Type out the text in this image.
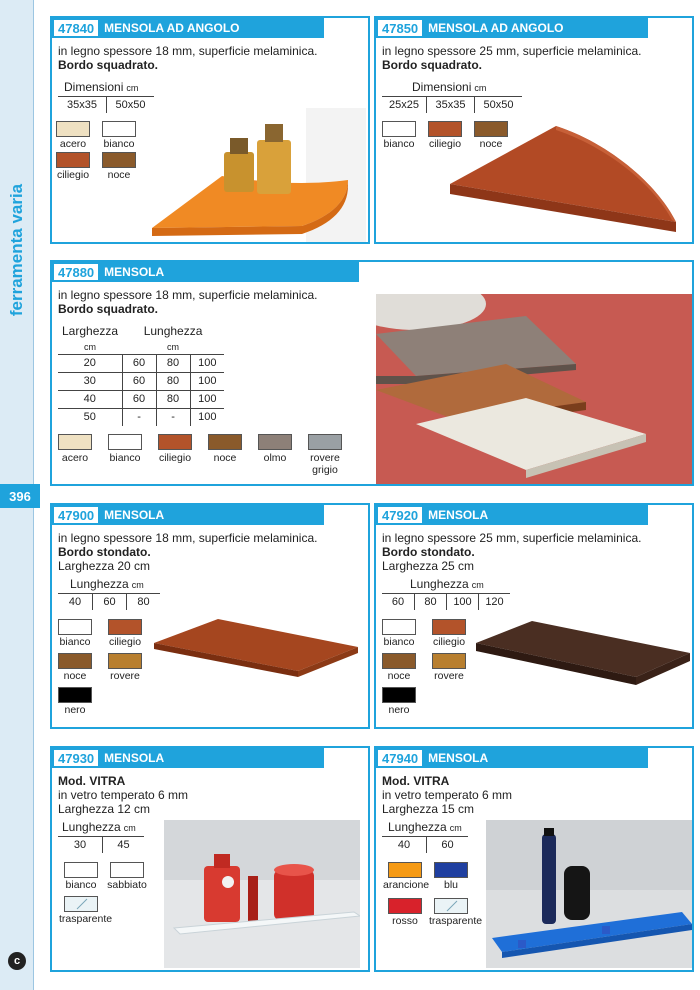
ferramenta varia
396
c
47840 MENSOLA AD ANGOLO
in legno spessore 18 mm, superficie melaminica.
Bordo squadrato.
Dimensioni cm
35x35	50x50
acero	bianco
ciliegio	noce
47850 MENSOLA AD ANGOLO
in legno spessore 25 mm, superficie melaminica.
Bordo squadrato.
Dimensioni cm
25x25	35x35	50x50
bianco	ciliegio	noce
47880 MENSOLA
in legno spessore 18 mm, superficie melaminica.
Bordo squadrato.
Larghezza	Lunghezza		
cm	cm		
20	60	80	100
30	60	80	100
40	60	80	100
50	-	-	100
acero	bianco	ciliegio	noce	olmo	rovere
grigio
47900 MENSOLA
in legno spessore 18 mm, superficie melaminica.
Bordo stondato.
Larghezza 20 cm
Lunghezza cm
40	60	80
bianco	ciliegio
noce	rovere
nero
47920 MENSOLA
in legno spessore 25 mm, superficie melaminica.
Bordo stondato.
Larghezza 25 cm
Lunghezza cm
60	80	100	120
bianco	ciliegio
noce	rovere
nero
47930 MENSOLA
Mod. VITRA
in vetro temperato 6 mm
Larghezza 12 cm
Lunghezza cm
30	45
bianco	sabbiato
trasparente
47940 MENSOLA
Mod. VITRA
in vetro temperato 6 mm
Larghezza 15 cm
Lunghezza cm
40	60
arancione	blu
rosso	trasparente
